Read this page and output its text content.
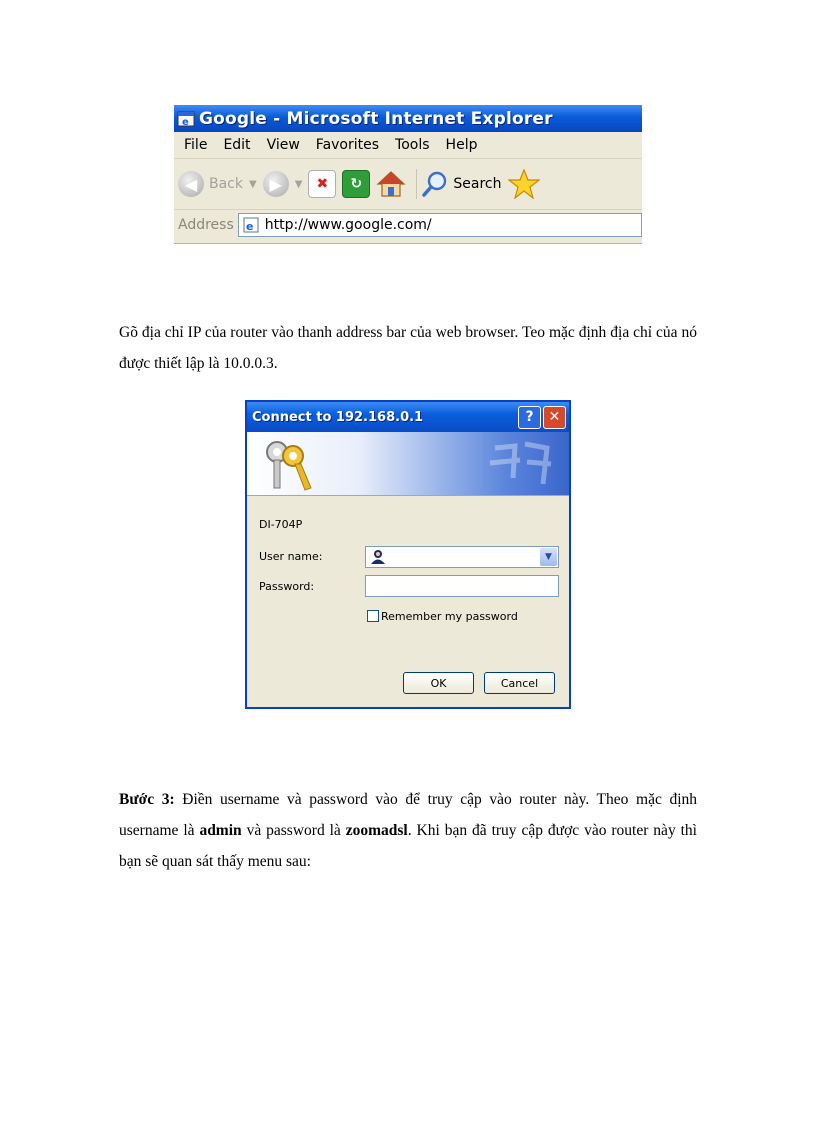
e Google - Microsoft Internet Explorer
File	Edit	View	Favorites	Tools	Help
◀ Back ▼ ▶	▼	✖	↻	Search
Address	e http://www.google.com/
Gõ địa chỉ IP của router vào thanh address bar của web browser. Teo mặc định địa chỉ của nó được thiết lập là 10.0.0.3.
Connect to 192.168.0.1	? ✕
DI-704P
User name:	▼
Password:
Remember my password
OK	Cancel
Bước 3: Điền username và password vào để truy cập vào router này. Theo mặc định username là admin và password là zoomadsl. Khi bạn đã truy cập được vào router này thì bạn sẽ quan sát thấy menu sau:
